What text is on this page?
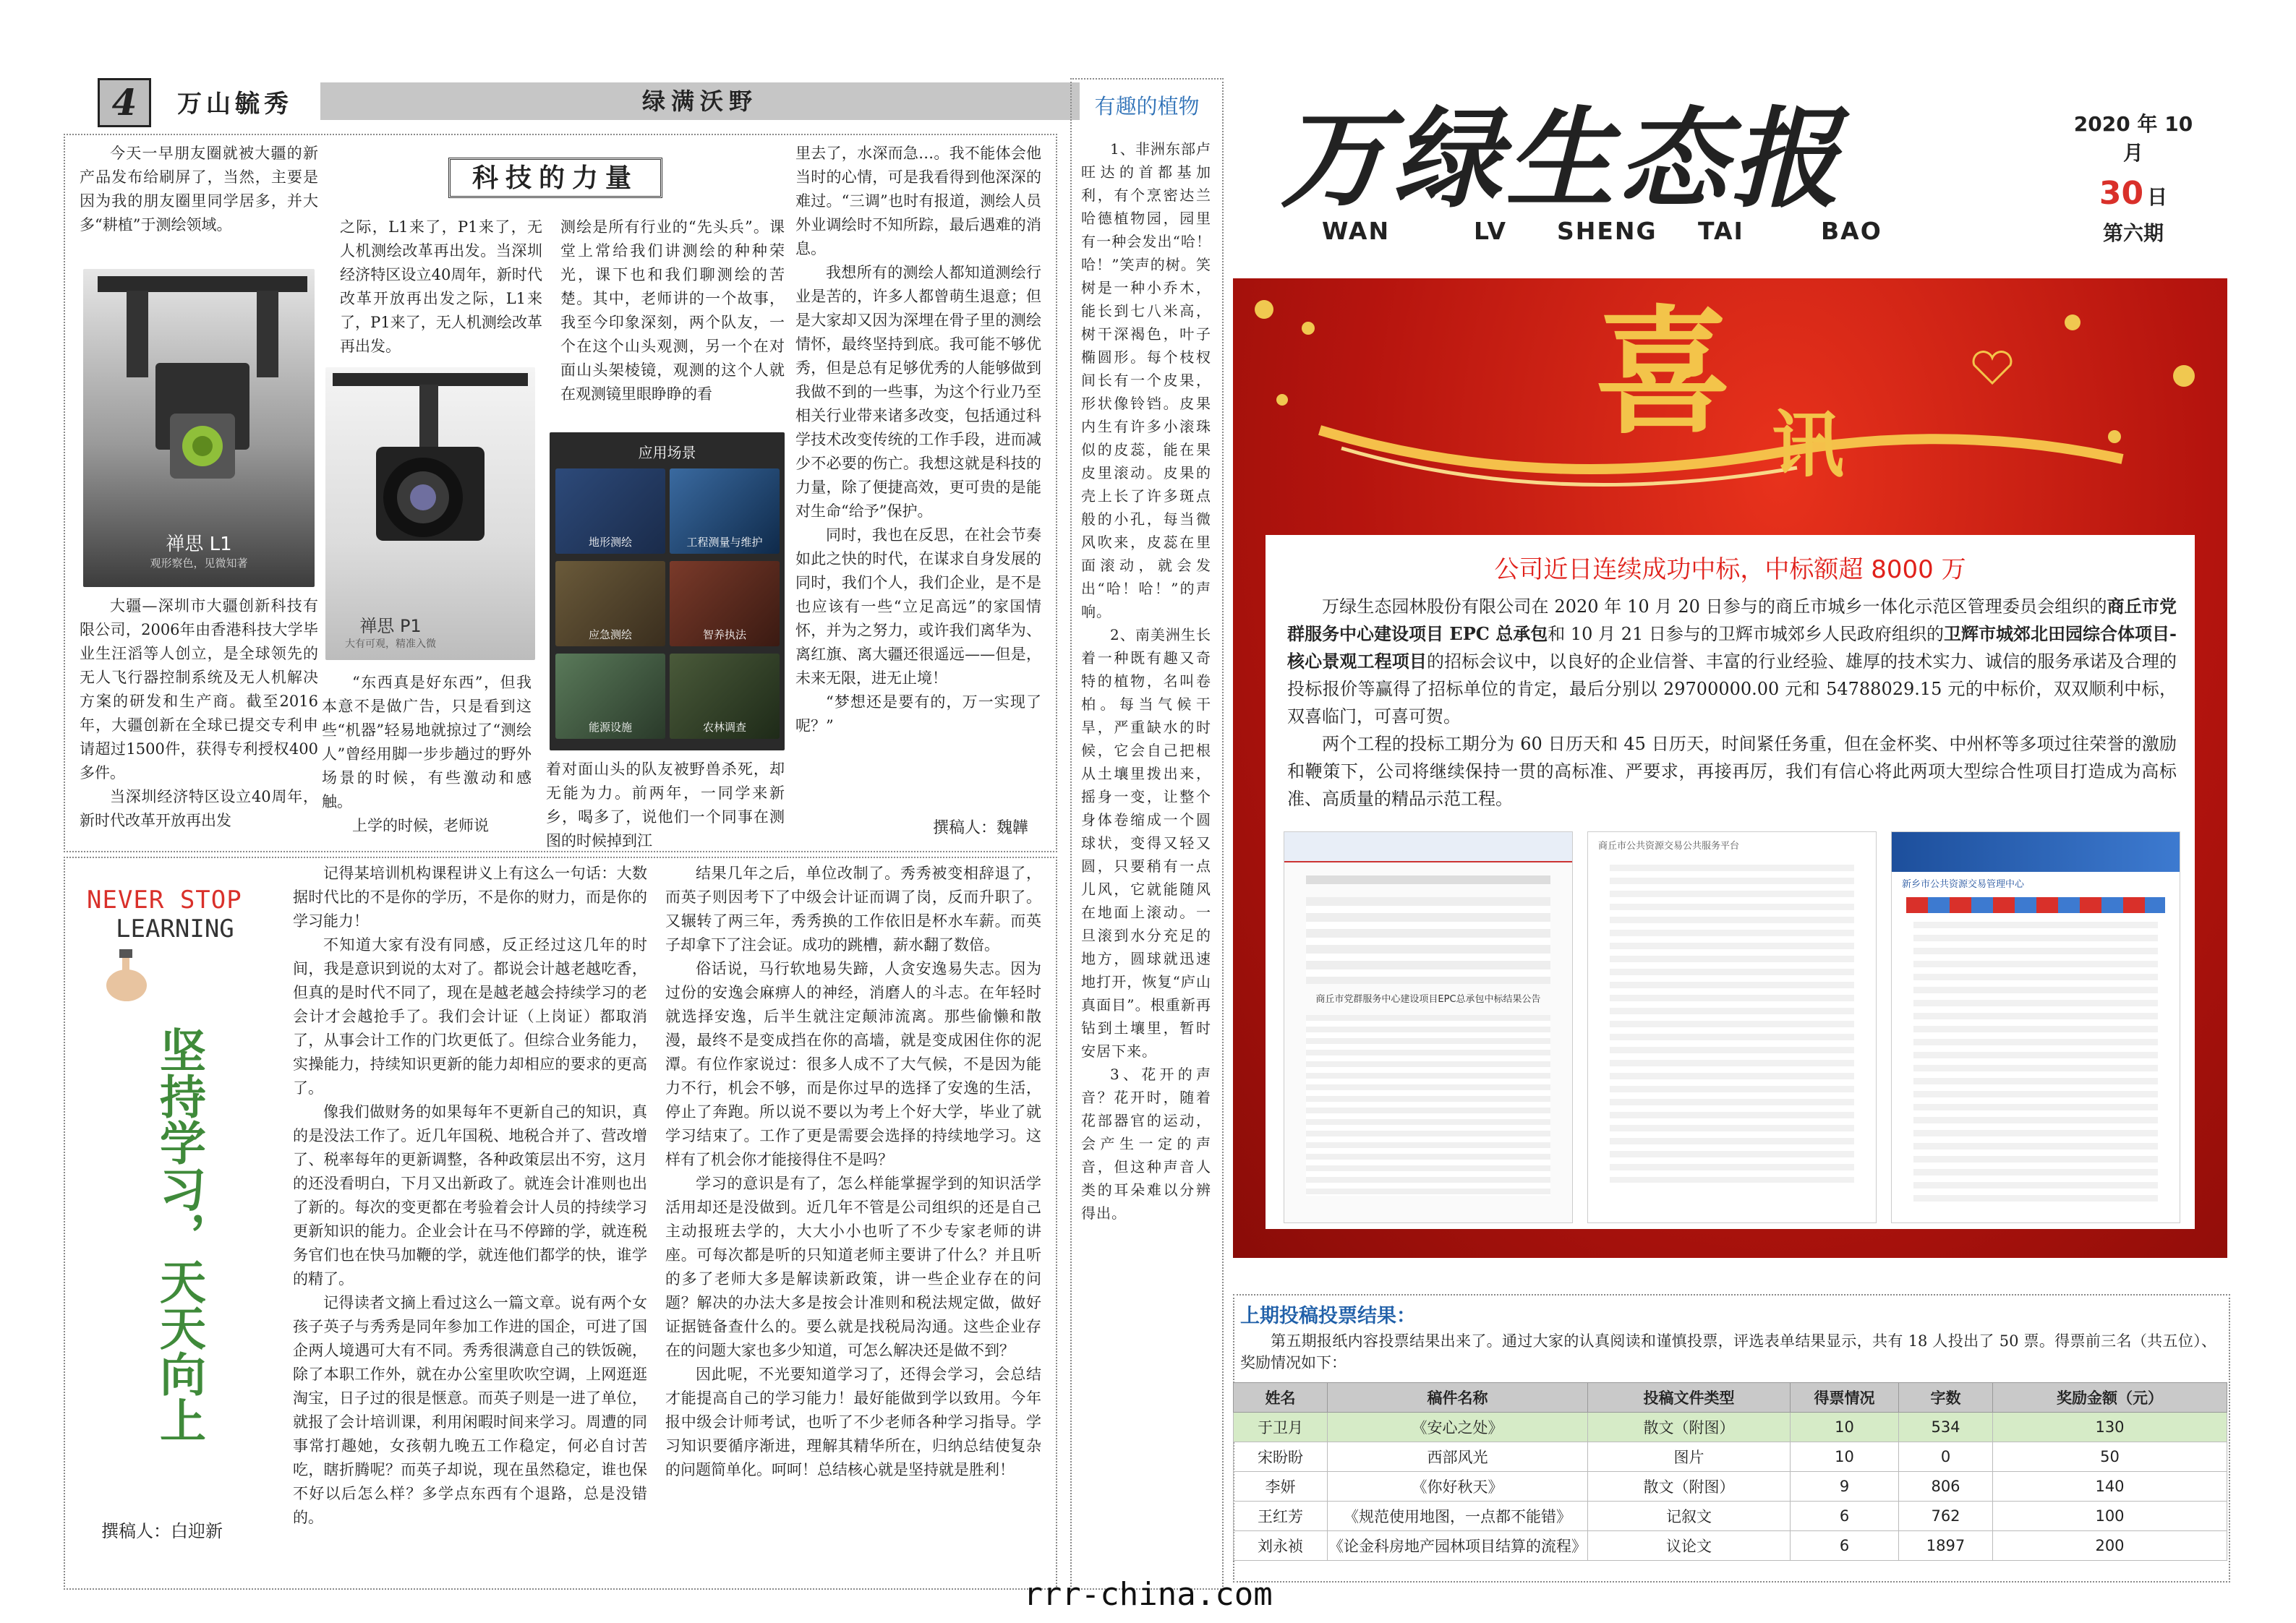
4	万山毓秀	绿满沃野
科技的力量

今天一早朋友圈就被大疆的新产品发布给刷屏了，当然，主要是因为我的朋友圈里同学居多，并大多“耕植”于测绘领域。

禅思 L1
观形察色，见微知著

大疆—深圳市大疆创新科技有限公司，2006年由香港科技大学毕业生汪滔等人创立，是全球领先的无人飞行器控制系统及无人机解决方案的研发和生产商。截至2016年，大疆创新在全球已提交专利申请超过1500件，获得专利授权400多件。

当深圳经济特区设立40周年，新时代改革开放再出发

之际，L1来了，P1来了，无人机测绘改革再出发。当深圳经济特区设立40周年，新时代改革开放再出发之际，L1来了，P1来了，无人机测绘改革再出发。

禅思 P1
大有可观，精准入微

“东西真是好东西”，但我本意不是做广告，只是看到这些“机器”轻易地就掠过了“测绘人”曾经用脚一步步趟过的野外场景的时候，有些激动和感触。

上学的时候，老师说

测绘是所有行业的“先头兵”。课堂上常给我们讲测绘的种种荣光，课下也和我们聊测绘的苦楚。其中，老师讲的一个故事，我至今印象深刻，两个队友，一个在这个山头观测，另一个在对面山头架棱镜，观测的这个人就在观测镜里眼睁睁的看

应用场景
地形测绘	工程测量与维护
应急测绘	智养执法
能源设施	农林调查

着对面山头的队友被野兽杀死，却无能为力。前两年，一同学来新乡，喝多了，说他们一个同事在测图的时候掉到江

里去了，水深而急…。我不能体会他当时的心情，可是我看得到他深深的难过。“三调”也时有报道，测绘人员外业调绘时不知所踪，最后遇难的消息。

我想所有的测绘人都知道测绘行业是苦的，许多人都曾萌生退意；但是大家却又因为深埋在骨子里的测绘情怀，最终坚持到底。我可能不够优秀，但是总有足够优秀的人能够做到我做不到的一些事，为这个行业乃至相关行业带来诸多改变，包括通过科学技术改变传统的工作手段，进而减少不必要的伤亡。我想这就是科技的力量，除了便捷高效，更可贵的是能对生命“给予”保护。

同时，我也在反思，在社会节奏如此之快的时代，在谋求自身发展的同时，我们个人，我们企业，是不是也应该有一些“立足高远”的家国情怀，并为之努力，或许我们离华为、离红旗、离大疆还很遥远——但是，未来无限，进无止境！

“梦想还是要有的，万一实现了呢？”

撰稿人：魏韡
NEVER STOP
LEARNING
坚持学习，天天向上
撰稿人：白迎新

记得某培训机构课程讲义上有这么一句话：大数据时代比的不是你的学历，不是你的财力，而是你的学习能力！

不知道大家有没有同感，反正经过这几年的时间，我是意识到说的太对了。都说会计越老越吃香，但真的是时代不同了，现在是越老越会持续学习的老会计才会越抢手了。我们会计证（上岗证）都取消了，从事会计工作的门坎更低了。但综合业务能力，实操能力，持续知识更新的能力却相应的要求的更高了。

像我们做财务的如果每年不更新自己的知识，真的是没法工作了。近几年国税、地税合并了、营改增了、税率每年的更新调整，各种政策层出不穷，这月的还没看明白，下月又出新政了。就连会计准则也出了新的。每次的变更都在考验着会计人员的持续学习更新知识的能力。企业会计在马不停蹄的学，就连税务官们也在快马加鞭的学，就连他们都学的快，谁学的精了。

记得读者文摘上看过这么一篇文章。说有两个女孩子英子与秀秀是同年参加工作进的国企，可进了国企两人境遇可大有不同。秀秀很满意自己的铁饭碗，除了本职工作外，就在办公室里吹吹空调，上网逛逛淘宝，日子过的很是惬意。而英子则是一进了单位，就报了会计培训课，利用闲暇时间来学习。周遭的同事常打趣她，女孩朝九晚五工作稳定，何必自讨苦吃，瞎折腾呢？而英子却说，现在虽然稳定，谁也保不好以后怎么样？多学点东西有个退路，总是没错的。

结果几年之后，单位改制了。秀秀被变相辞退了，而英子则因考下了中级会计证而调了岗，反而升职了。又辗转了两三年，秀秀换的工作依旧是杯水车薪。而英子却拿下了注会证。成功的跳槽，薪水翻了数倍。

俗话说，马行软地易失蹄，人贪安逸易失志。因为过份的安逸会麻痹人的神经，消磨人的斗志。在年轻时就选择安逸，后半生就注定颠沛流离。那些偷懒和散漫，最终不是变成挡在你的高墙，就是变成困住你的泥潭。有位作家说过：很多人成不了大气候，不是因为能力不行，机会不够，而是你过早的选择了安逸的生活，停止了奔跑。所以说不要以为考上个好大学，毕业了就学习结束了。工作了更是需要会选择的持续地学习。这样有了机会你才能接得住不是吗？

学习的意识是有了，怎么样能掌握学到的知识活学活用却还是没做到。近几年不管是公司组织的还是自己主动报班去学的，大大小小也听了不少专家老师的讲座。可每次都是听的只知道老师主要讲了什么？并且听的多了老师大多是解读新政策，讲一些企业存在的问题？解决的办法大多是按会计准则和税法规定做，做好证据链备查什么的。要么就是找税局沟通。这些企业存在的问题大家也多少知道，可怎么解决还是做不到？

因此呢，不光要知道学习了，还得会学习，会总结才能提高自己的学习能力！最好能做到学以致用。今年报中级会计师考试，也听了不少老师各种学习指导。学习知识要循序渐进，理解其精华所在，归纳总结使复杂的问题简单化。呵呵！总结核心就是坚持就是胜利！

有趣的植物

1、非洲东部卢旺达的首都基加利，有个烹密达兰哈德植物园，园里有一种会发出“哈！哈！”笑声的树。笑树是一种小乔木，能长到七八米高，树干深褐色，叶子椭圆形。每个枝杈间长有一个皮果，形状像铃铛。皮果内生有许多小滚珠似的皮蕊，能在果皮里滚动。皮果的壳上长了许多斑点般的小孔，每当微风吹来，皮蕊在里面滚动，就会发出“哈！哈！”的声响。

2、南美洲生长着一种既有趣又奇特的植物，名叫卷柏。每当气候干旱，严重缺水的时候，它会自己把根从土壤里拨出来，摇身一变，让整个身体卷缩成一个圆球状，变得又轻又圆，只要稍有一点儿风，它就能随风在地面上滚动。一旦滚到水分充足的地方，圆球就迅速地打开，恢复“庐山真面目”。根重新再钻到土壤里，暂时安居下来。

3、花开的声音？花开时，随着花部器官的运动，会产生一定的声音，但这种声音人类的耳朵难以分辨得出。

万绿生态报
WAN	LV SHENG TAI	BAO
2020 年 10 月
30 日
第六期
喜 讯
公司近日连续成功中标，中标额超 8000 万

万绿生态园林股份有限公司在 2020 年 10 月 20 日参与的商丘市城乡一体化示范区管理委员会组织的商丘市党群服务中心建设项目 EPC 总承包和 10 月 21 日参与的卫辉市城郊乡人民政府组织的卫辉市城郊北田园综合体项目-核心景观工程项目的招标会议中，以良好的企业信誉、丰富的行业经验、雄厚的技术实力、诚信的服务承诺及合理的投标报价等赢得了招标单位的肯定，最后分别以 29700000.00 元和 54788029.15 元的中标价，双双顺利中标，双喜临门，可喜可贺。

两个工程的投标工期分为 60 日历天和 45 日历天，时间紧任务重，但在金杯奖、中州杯等多项过往荣誉的激励和鞭策下，公司将继续保持一贯的高标准、严要求，再接再厉，我们有信心将此两项大型综合性项目打造成为高标准、高质量的精品示范工程。

商丘市党群服务中心建设项目EPC总承包中标结果公告
商丘市公共资源交易公共服务平台
新乡市公共资源交易管理中心
上期投稿投票结果：

第五期报纸内容投票结果出来了。通过大家的认真阅读和谨慎投票，评选表单结果显示，共有 18 人投出了 50 票。得票前三名（共五位）、奖励情况如下：

姓名	稿件名称	投稿文件类型	得票情况	字数	奖励金额（元）
于卫月	《安心之处》	散文（附图）	10	534	130
宋盼盼	西部风光	图片	10	0	50
李妍	《你好秋天》	散文（附图）	9	806	140
王红芳	《规范使用地图，一点都不能错》	记叙文	6	762	100
刘永祯	《论金科房地产园林项目结算的流程》	议论文	6	1897	200
rrr-china.com
